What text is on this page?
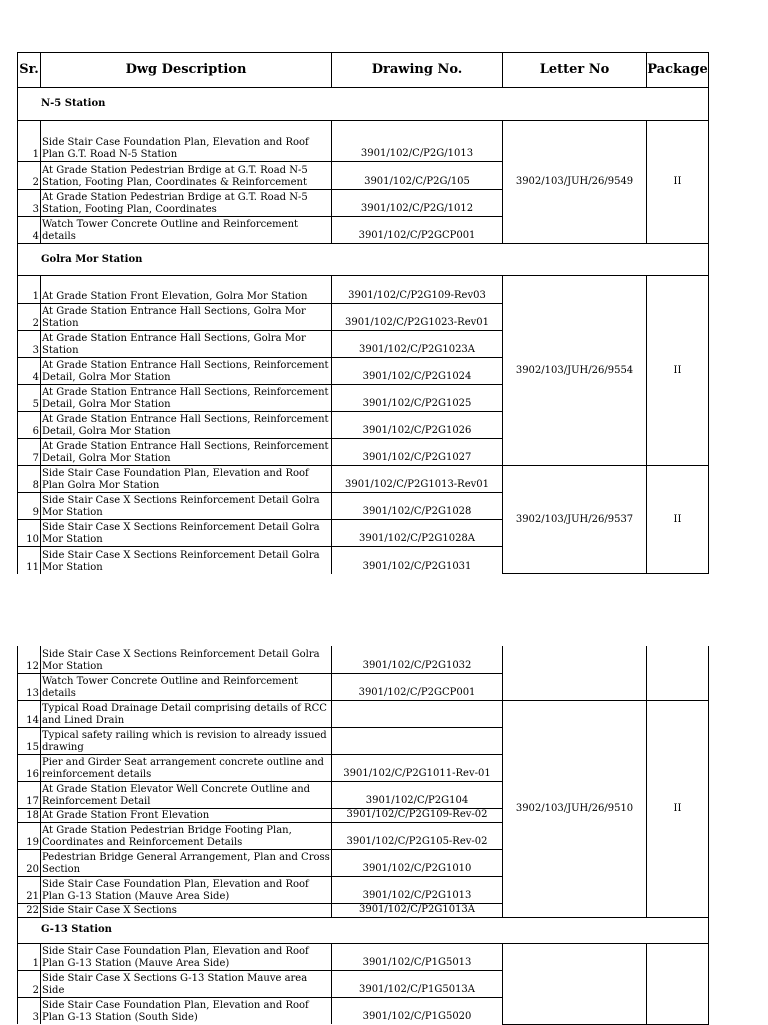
Sr.	Dwg Description	Drawing No.	Letter No	Package
N-5 Station				
1	Side Stair Case Foundation Plan, Elevation and Roof Plan G.T. Road N-5 Station	3901/102/C/P2G/1013	3902/103/JUH/26/9549	II
2	At Grade Station Pedestrian Brdige at G.T. Road N-5 Station, Footing Plan, Coordinates & Reinforcement	3901/102/C/P2G/105		
3	At Grade Station Pedestrian Brdige at G.T. Road N-5 Station, Footing Plan, Coordinates	3901/102/C/P2G/1012		
4	Watch Tower Concrete Outline and Reinforcement details	3901/102/C/P2GCP001		
Golra Mor Station				
1	At Grade Station Front Elevation, Golra Mor Station	3901/102/C/P2G109-Rev03	3902/103/JUH/26/9554	II
2	At Grade Station Entrance Hall Sections, Golra Mor Station	3901/102/C/P2G1023-Rev01		
3	At Grade Station Entrance Hall Sections, Golra Mor Station	3901/102/C/P2G1023A		
4	At Grade Station Entrance Hall Sections, Reinforcement Detail, Golra Mor Station	3901/102/C/P2G1024		
5	At Grade Station Entrance Hall Sections, Reinforcement Detail, Golra Mor Station	3901/102/C/P2G1025		
6	At Grade Station Entrance Hall Sections, Reinforcement Detail, Golra Mor Station	3901/102/C/P2G1026		
7	At Grade Station Entrance Hall Sections, Reinforcement Detail, Golra Mor Station	3901/102/C/P2G1027		
8	Side Stair Case Foundation Plan, Elevation and Roof Plan Golra Mor Station	3901/102/C/P2G1013-Rev01	3902/103/JUH/26/9537	II
9	Side Stair Case X Sections Reinforcement Detail Golra Mor Station	3901/102/C/P2G1028		
10	Side Stair Case X Sections Reinforcement Detail Golra Mor Station	3901/102/C/P2G1028A		
11	Side Stair Case X Sections Reinforcement Detail Golra Mor Station	3901/102/C/P2G1031		
12	Side Stair Case X Sections Reinforcement Detail Golra Mor Station	3901/102/C/P2G1032		
13	Watch Tower Concrete Outline and Reinforcement details	3901/102/C/P2GCP001		
14	Typical Road Drainage Detail comprising details of RCC and Lined Drain		3902/103/JUH/26/9510	II
15	Typical safety railing which is revision to already issued drawing			
16	Pier and Girder Seat arrangement concrete outline and reinforcement details	3901/102/C/P2G1011-Rev-01		
17	At Grade Station Elevator Well Concrete Outline and Reinforcement Detail	3901/102/C/P2G104		
18	At Grade Station Front Elevation	3901/102/C/P2G109-Rev-02		
19	At Grade Station Pedestrian Bridge Footing Plan, Coordinates and Reinforcement Details	3901/102/C/P2G105-Rev-02		
20	Pedestrian Bridge General Arrangement, Plan and Cross Section	3901/102/C/P2G1010		
21	Side Stair Case Foundation Plan, Elevation and Roof Plan G-13 Station (Mauve Area Side)	3901/102/C/P2G1013		
22	Side Stair Case X Sections	3901/102/C/P2G1013A		
G-13 Station				
1	Side Stair Case Foundation Plan, Elevation and Roof Plan G-13 Station (Mauve Area Side)	3901/102/C/P1G5013		
2	Side Stair Case X Sections G-13 Station Mauve area Side	3901/102/C/P1G5013A		
3	Side Stair Case Foundation Plan, Elevation and Roof Plan G-13 Station (South Side)	3901/102/C/P1G5020		
